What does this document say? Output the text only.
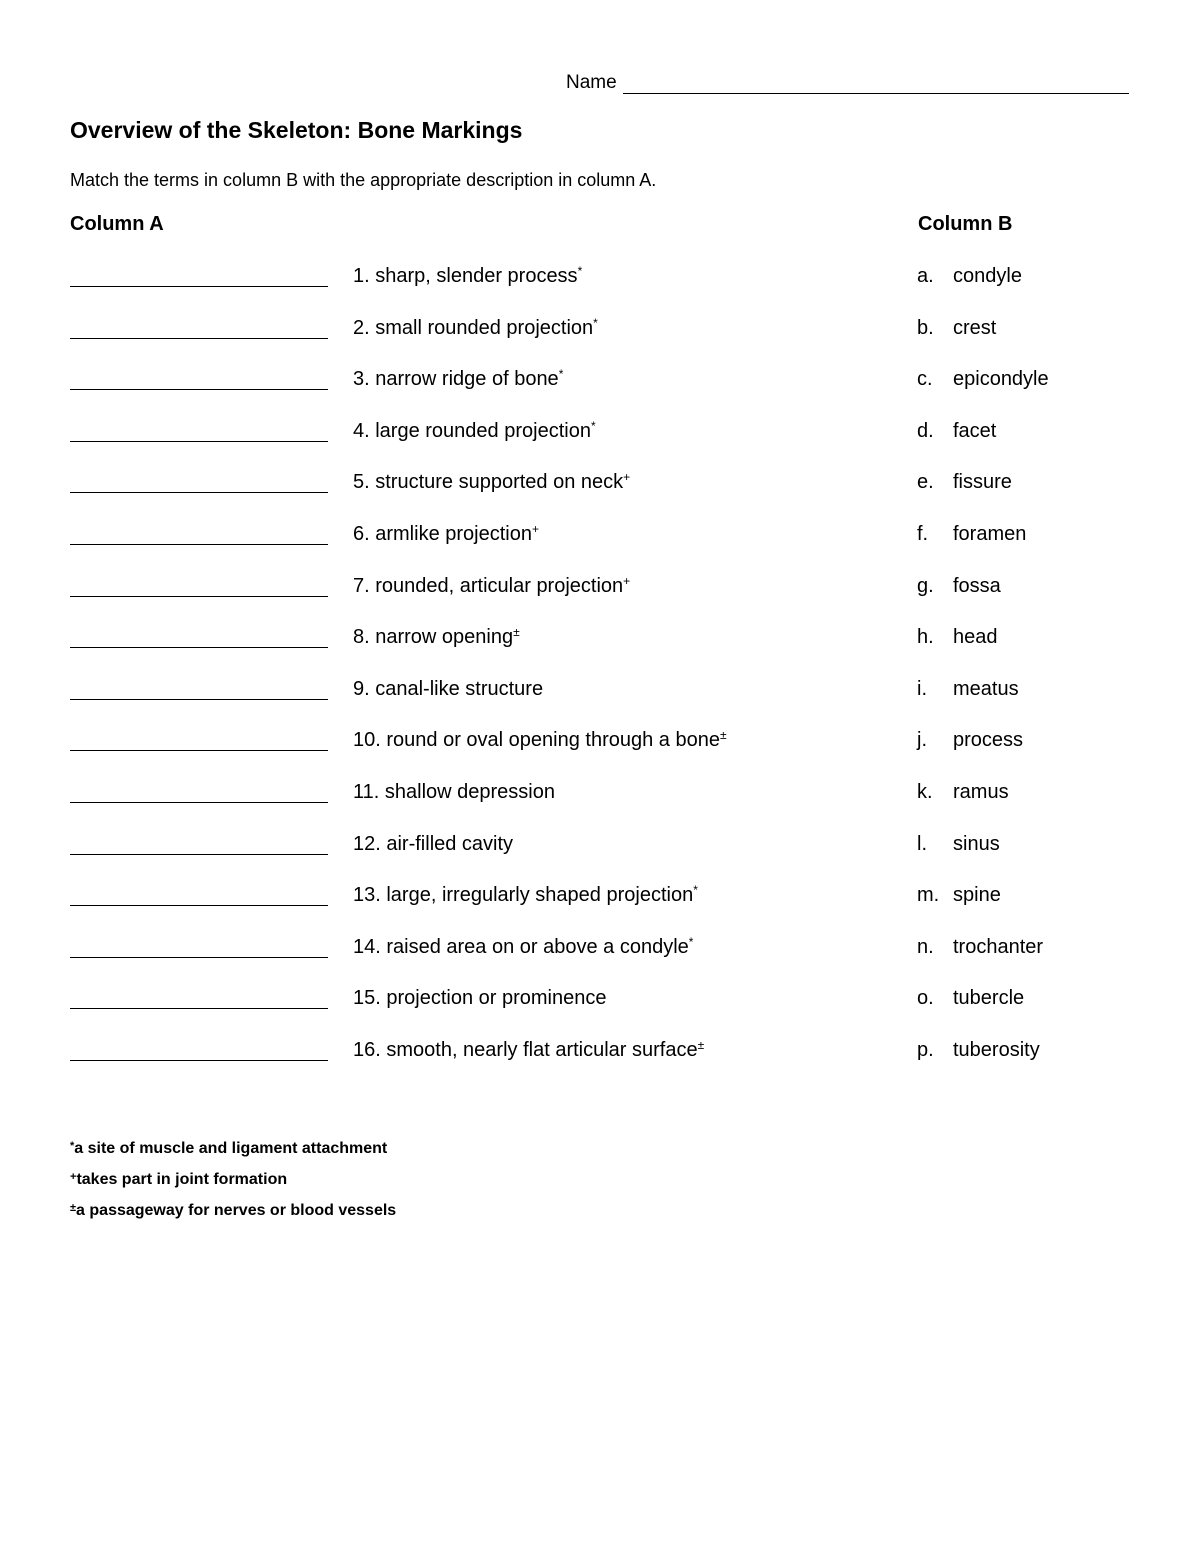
Name
Overview of the Skeleton: Bone Markings
Match the terms in column B with the appropriate description in column A.
Column A	Column B
1. sharp, slender process*	a. condyle
2. small rounded projection*	b. crest
3. narrow ridge of bone*	c. epicondyle
4. large rounded projection*	d. facet
5. structure supported on neck+	e. fissure
6. armlike projection+	f. foramen
7. rounded, articular projection+	g. fossa
8. narrow opening±	h. head
9. canal-like structure	i. meatus
10. round or oval opening through a bone±	j. process
11. shallow depression	k. ramus
12. air-filled cavity	l. sinus
13. large, irregularly shaped projection*	m. spine
14. raised area on or above a condyle*	n. trochanter
15. projection or prominence	o. tubercle
16. smooth, nearly flat articular surface±	p. tuberosity
*a site of muscle and ligament attachment
+takes part in joint formation
±a passageway for nerves or blood vessels
